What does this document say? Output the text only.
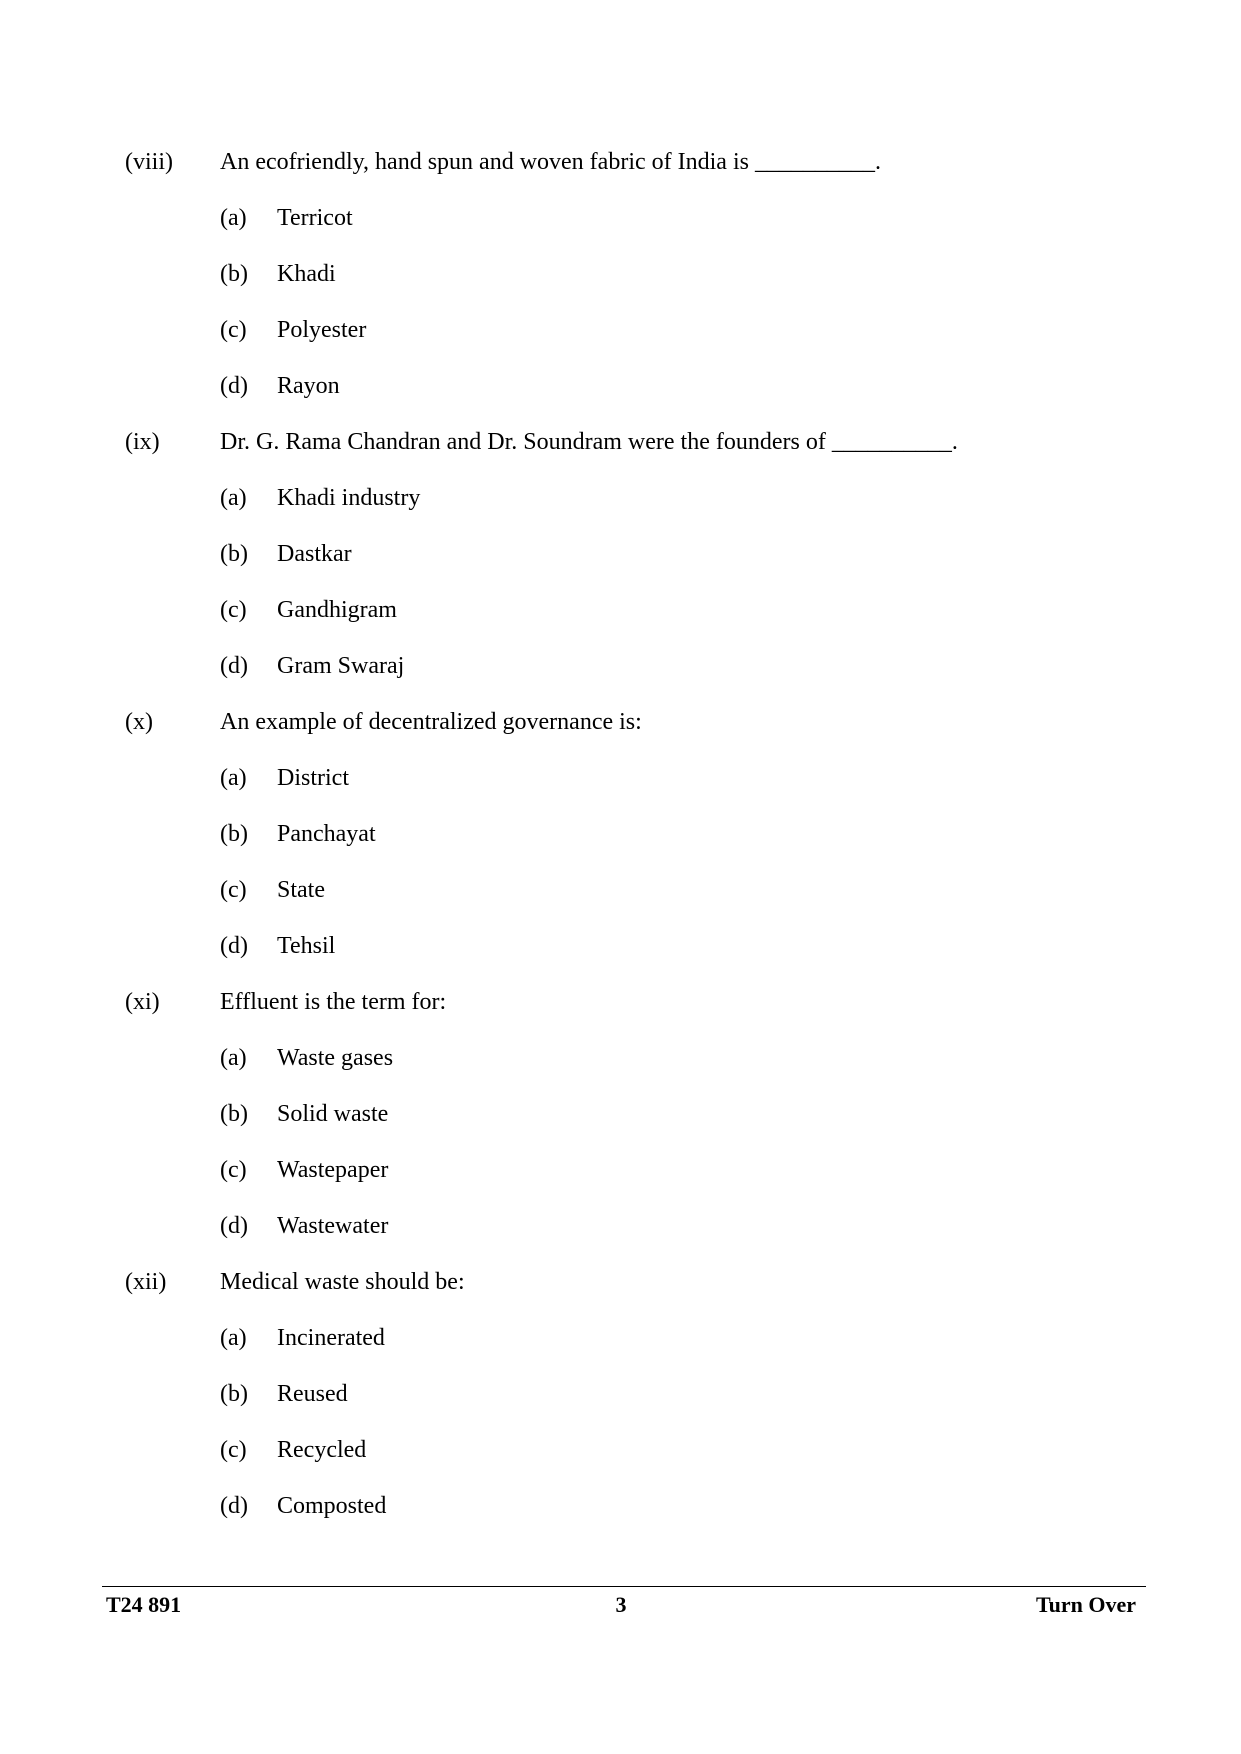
(viii)	An ecofriendly, hand spun and woven fabric of India is __________.
(a)	Terricot
(b)	Khadi
(c)	Polyester
(d)	Rayon
(ix)	Dr. G. Rama Chandran and Dr. Soundram were the founders of __________.
(a)	Khadi industry
(b)	Dastkar
(c)	Gandhigram
(d)	Gram Swaraj
(x)	An example of decentralized governance is:
(a)	District
(b)	Panchayat
(c)	State
(d)	Tehsil
(xi)	Effluent is the term for:
(a)	Waste gases
(b)	Solid waste
(c)	Wastepaper
(d)	Wastewater
(xii)	Medical waste should be:
(a)	Incinerated
(b)	Reused
(c)	Recycled
(d)	Composted
3
T24 891	Turn Over
